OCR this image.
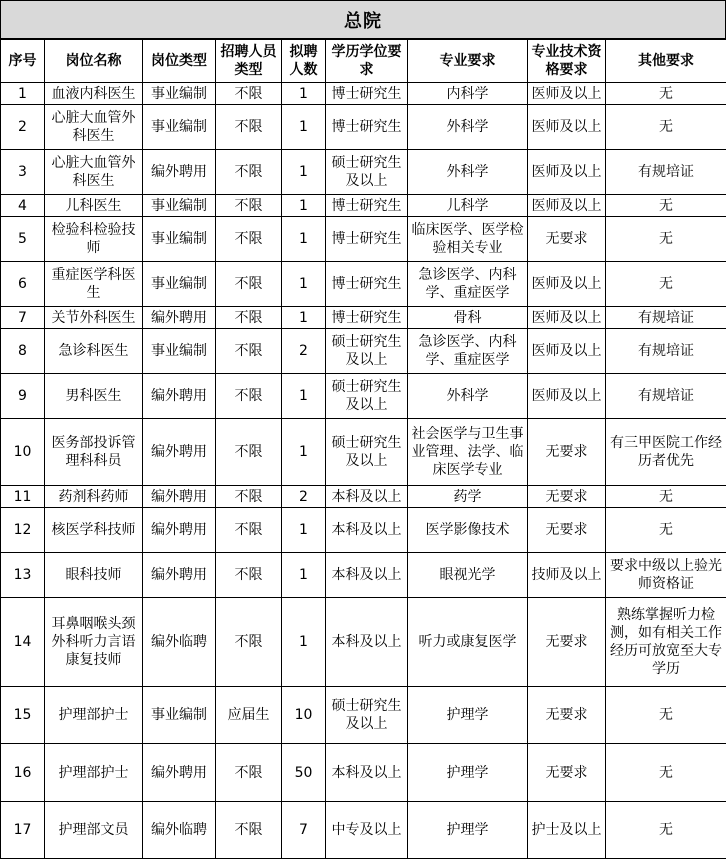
总院
序号	岗位名称	岗位类型	招聘人员类型	拟聘人数	学历学位要求	专业要求	专业技术资格要求	其他要求
1	血液内科医生	事业编制	不限	1	博士研究生	内科学	医师及以上	无
2	心脏大血管外科医生	事业编制	不限	1	博士研究生	外科学	医师及以上	无
3	心脏大血管外科医生	编外聘用	不限	1	硕士研究生及以上	外科学	医师及以上	有规培证
4	儿科医生	事业编制	不限	1	博士研究生	儿科学	医师及以上	无
5	检验科检验技师	事业编制	不限	1	博士研究生	临床医学、医学检验相关专业	无要求	无
6	重症医学科医生	事业编制	不限	1	博士研究生	急诊医学、内科学、重症医学	医师及以上	无
7	关节外科医生	编外聘用	不限	1	博士研究生	骨科	医师及以上	有规培证
8	急诊科医生	事业编制	不限	2	硕士研究生及以上	急诊医学、内科学、重症医学	医师及以上	有规培证
9	男科医生	编外聘用	不限	1	硕士研究生及以上	外科学	医师及以上	有规培证
10	医务部投诉管理科科员	编外聘用	不限	1	硕士研究生及以上	社会医学与卫生事业管理、法学、临床医学专业	无要求	有三甲医院工作经历者优先
11	药剂科药师	编外聘用	不限	2	本科及以上	药学	无要求	无
12	核医学科技师	编外聘用	不限	1	本科及以上	医学影像技术	无要求	无
13	眼科技师	编外聘用	不限	1	本科及以上	眼视光学	技师及以上	要求中级以上验光师资格证
14	耳鼻咽喉头颈外科听力言语康复技师	编外临聘	不限	1	本科及以上	听力或康复医学	无要求	熟练掌握听力检测，如有相关工作经历可放宽至大专学历
15	护理部护士	事业编制	应届生	10	硕士研究生及以上	护理学	无要求	无
16	护理部护士	编外聘用	不限	50	本科及以上	护理学	无要求	无
17	护理部文员	编外临聘	不限	7	中专及以上	护理学	护士及以上	无
